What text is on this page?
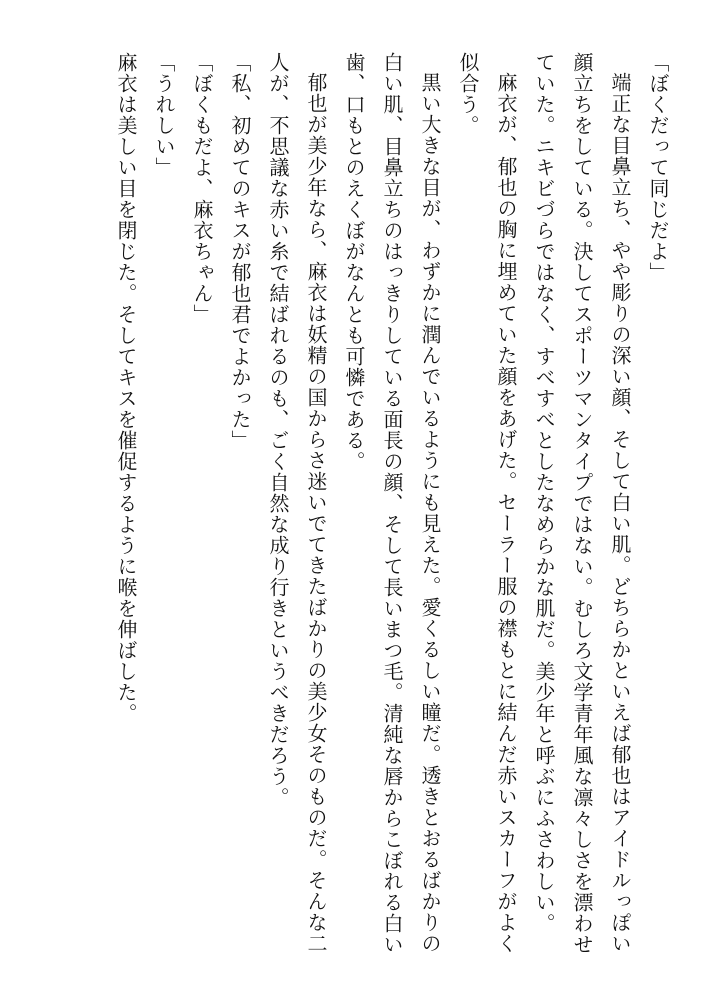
「ぼくだって同じだよ」

端正な目鼻立ち、やや彫りの深い顔、そして白い肌。どちらかといえば郁也はアイドルっぽい顔立ちをしている。決してスポーツマンタイプではない。むしろ文学青年風な凛々しさを漂わせていた。ニキビづらではなく、すべすべとしたなめらかな肌だ。美少年と呼ぶにふさわしい。

麻衣が、郁也の胸に埋めていた顔をあげた。セーラー服の襟もとに結んだ赤いスカーフがよく似合う。

黒い大きな目が、わずかに潤んでいるようにも見えた。愛くるしい瞳だ。透きとおるばかりの白い肌、目鼻立ちのはっきりしている面長の顔、そして長いまつ毛。清純な唇からこぼれる白い歯、口もとのえくぼがなんとも可憐である。

郁也が美少年なら、麻衣は妖精の国からさ迷いでてきたばかりの美少女そのものだ。そんな二人が、不思議な赤い糸で結ばれるのも、ごく自然な成り行きというべきだろう。

「私、初めてのキスが郁也君でよかった」

「ぼくもだよ、麻衣ちゃん」

「うれしい」

麻衣は美しい目を閉じた。そしてキスを催促するように喉を伸ばした。
